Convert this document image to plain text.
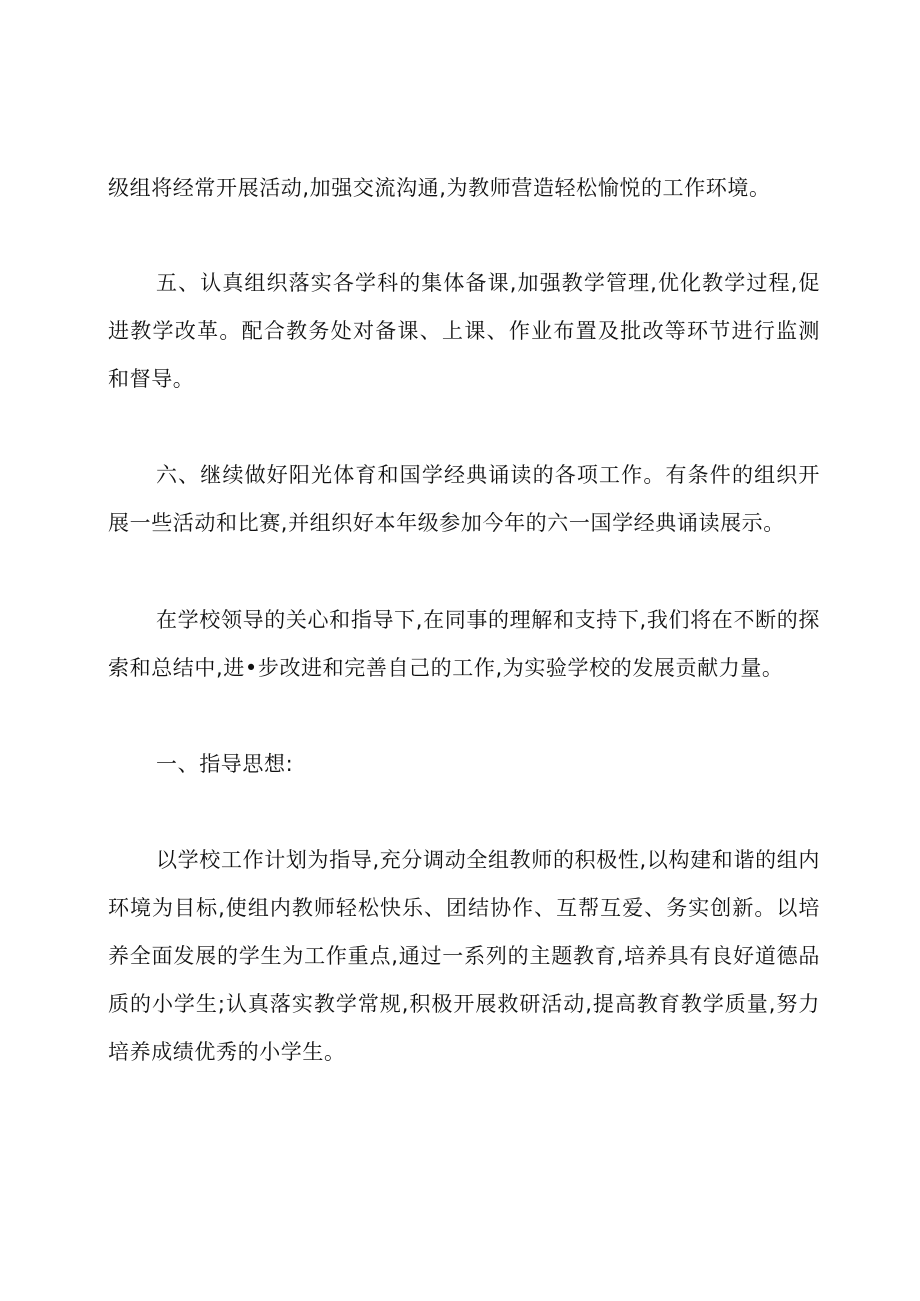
级组将经常开展活动,加强交流沟通,为教师营造轻松愉悦的工作环境。

五、认真组织落实各学科的集体备课,加强教学管理,优化教学过程,促进教学改革。配合教务处对备课、上课、作业布置及批改等环节进行监测和督导。

六、继续做好阳光体育和国学经典诵读的各项工作。有条件的组织开展一些活动和比赛,并组织好本年级参加今年的六一国学经典诵读展示。

在学校领导的关心和指导下,在同事的理解和支持下,我们将在不断的探索和总结中,进•步改进和完善自己的工作,为实验学校的发展贡献力量。

一、指导思想:

以学校工作计划为指导,充分调动全组教师的积极性,以构建和谐的组内环境为目标,使组内教师轻松快乐、团结协作、互帮互爱、务实创新。以培养全面发展的学生为工作重点,通过一系列的主题教育,培养具有良好道德品质的小学生;认真落实教学常规,积极开展救研活动,提高教育教学质量,努力培养成绩优秀的小学生。
